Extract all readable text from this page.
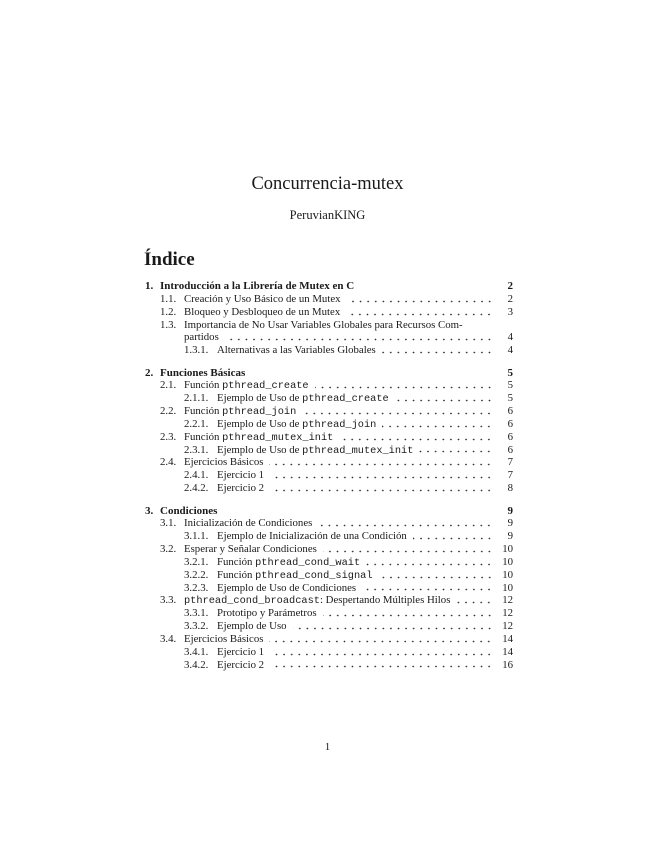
Concurrencia-mutex
PeruvianKING
Índice
1. Introducción a la Librería de Mutex en C	2
1.1. Creación y Uso Básico de un Mutex	2
1.2. Bloqueo y Desbloqueo de un Mutex	3
1.3. Importancia de No Usar Variables Globales para Recursos Com-
partidos	4
1.3.1. Alternativas a las Variables Globales	4
2. Funciones Básicas	5
2.1. Función pthread_create	5
2.1.1. Ejemplo de Uso de pthread_create	5
2.2. Función pthread_join	6
2.2.1. Ejemplo de Uso de pthread_join	6
2.3. Función pthread_mutex_init	6
2.3.1. Ejemplo de Uso de pthread_mutex_init	6
2.4. Ejercicios Básicos	7
2.4.1. Ejercicio 1	7
2.4.2. Ejercicio 2	8
3. Condiciones	9
3.1. Inicialización de Condiciones	9
3.1.1. Ejemplo de Inicialización de una Condición	9
3.2. Esperar y Señalar Condiciones	10
3.2.1. Función pthread_cond_wait	10
3.2.2. Función pthread_cond_signal	10
3.2.3. Ejemplo de Uso de Condiciones	10
3.3. pthread_cond_broadcast: Despertando Múltiples Hilos	12
3.3.1. Prototipo y Parámetros	12
3.3.2. Ejemplo de Uso	12
3.4. Ejercicios Básicos	14
3.4.1. Ejercicio 1	14
3.4.2. Ejercicio 2	16
1
